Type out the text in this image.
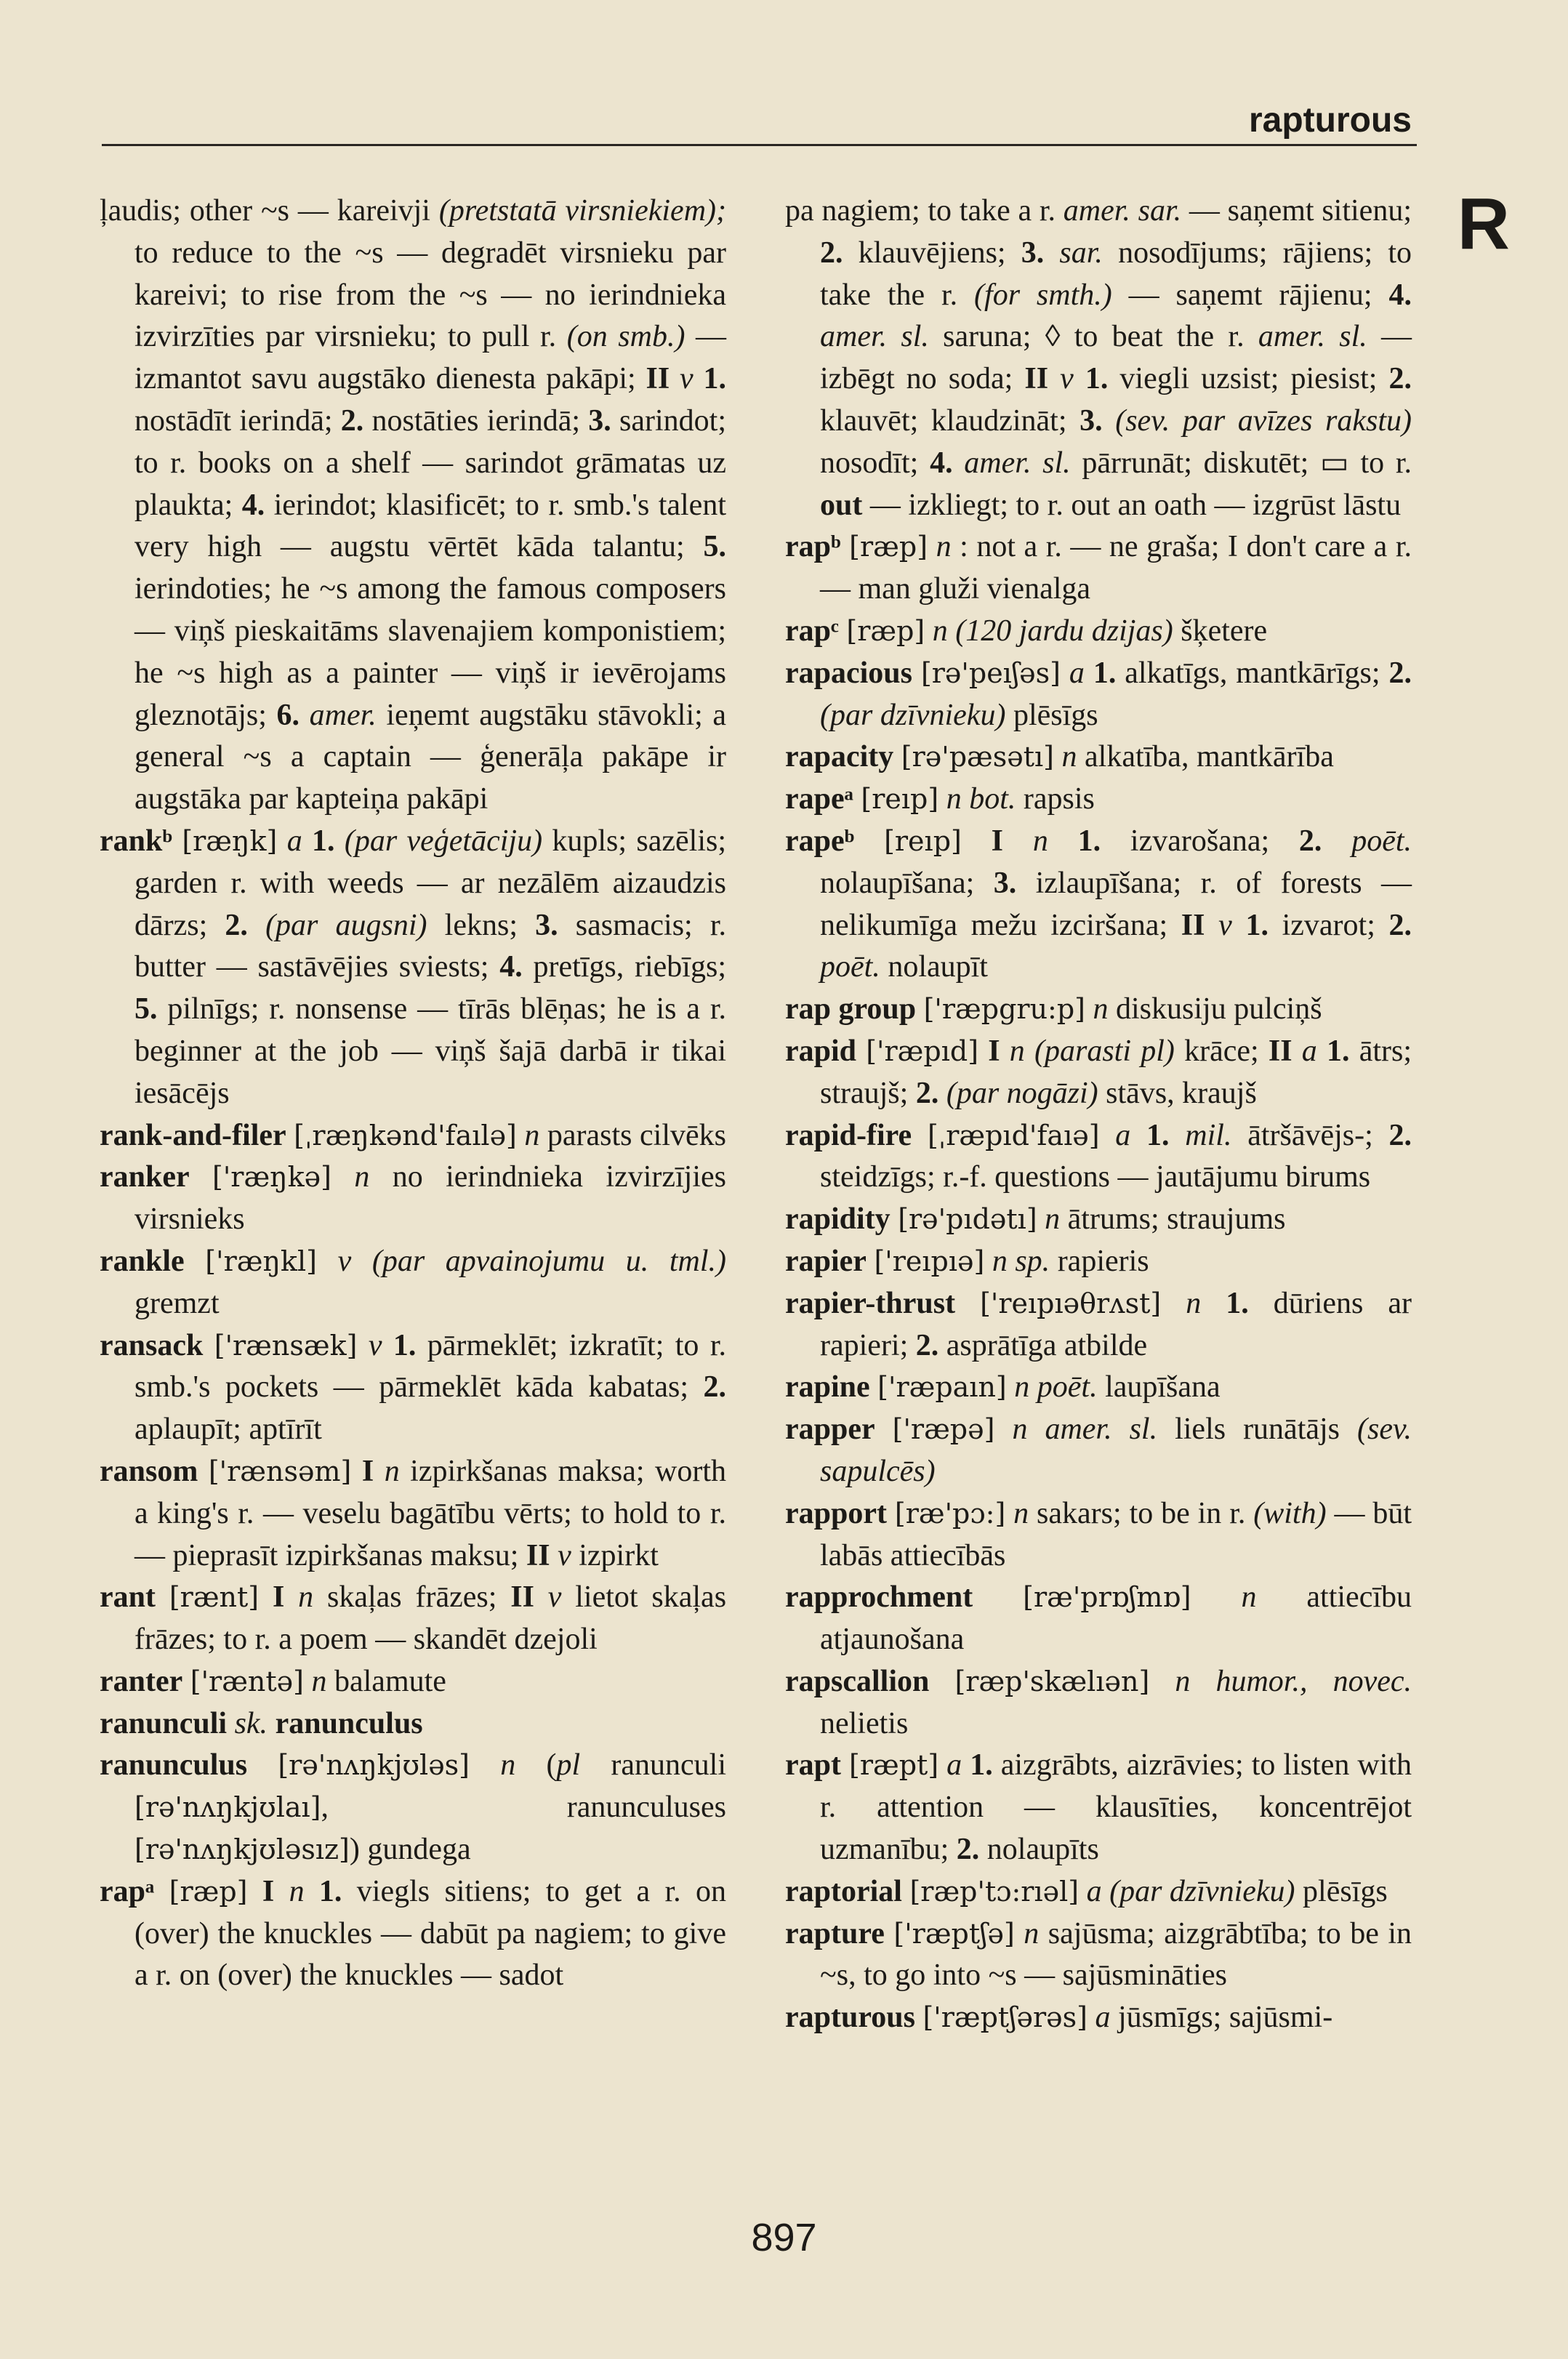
rapturous
R
ļaudis; other ~s — kareivji (pretstatā virsniekiem); to reduce to the ~s — degradēt virsnieku par kareivi; to rise from the ~s — no ierindnieka izvirzīties par virsnieku; to pull r. (on smb.) — izmantot savu augstāko dienesta pakāpi; II v 1. nostādīt ierindā; 2. nostāties ierindā; 3. sarindot; to r. books on a shelf — sarindot grāmatas uz plaukta; 4. ierindot; klasificēt; to r. smb.'s talent very high — augstu vērtēt kāda talantu; 5. ierindoties; he ~s among the famous composers — viņš pieskaitāms slavenajiem komponistiem; he ~s high as a painter — viņš ir ievērojams gleznotājs; 6. amer. ieņemt augstāku stāvokli; a general ~s a captain — ģenerāļa pakāpe ir augstāka par kapteiņa pakāpi
rankᵇ [ræŋk] a 1. (par veģetāciju) kupls; sazēlis; garden r. with weeds — ar nezālēm aizaudzis dārzs; 2. (par augsni) lekns; 3. sasmacis; r. butter — sastāvējies sviests; 4. pretīgs, riebīgs; 5. pilnīgs; r. nonsense — tīrās blēņas; he is a r. beginner at the job — viņš šajā darbā ir tikai iesācējs
rank-and-filer [ˌræŋkənd'faılə] n parasts cilvēks
ranker ['ræŋkə] n no ierindnieka izvirzījies virsnieks
rankle ['ræŋkl] v (par apvainojumu u. tml.) gremzt
ransack ['rænsæk] v 1. pārmeklēt; izkratīt; to r. smb.'s pockets — pārmeklēt kāda kabatas; 2. aplaupīt; aptīrīt
ransom ['rænsəm] I n izpirkšanas maksa; worth a king's r. — veselu bagātību vērts; to hold to r. — pieprasīt izpirkšanas maksu; II v izpirkt
rant [rænt] I n skaļas frāzes; II v lietot skaļas frāzes; to r. a poem — skandēt dzejoli
ranter ['ræntə] n balamute
ranunculi sk. ranunculus
ranunculus [rə'nʌŋkjʊləs] n (pl ranunculi [rə'nʌŋkjʊlaı], ranunculuses [rə'nʌŋkjʊləsız]) gundega
rapᵃ [ræp] I n 1. viegls sitiens; to get a r. on (over) the knuckles — dabūt pa nagiem; to give a r. on (over) the knuckles — sadot
pa nagiem; to take a r. amer. sar. — saņemt sitienu; 2. klauvējiens; 3. sar. nosodījums; rājiens; to take the r. (for smth.) — saņemt rājienu; 4. amer. sl. saruna; ◊ to beat the r. amer. sl. — izbēgt no soda; II v 1. viegli uzsist; piesist; 2. klauvēt; klaudzināt; 3. (sev. par avīzes rakstu) nosodīt; 4. amer. sl. pārrunāt; diskutēt; ▭ to r. out — izkliegt; to r. out an oath — izgrūst lāstu
rapᵇ [ræp] n : not a r. — ne graša; I don't care a r. — man gluži vienalga
rapᶜ [ræp] n (120 jardu dzijas) šķetere
rapacious [rə'peıʃəs] a 1. alkatīgs, mantkārīgs; 2. (par dzīvnieku) plēsīgs
rapacity [rə'pæsətı] n alkatība, mantkārība
rapeᵃ [reıp] n bot. rapsis
rapeᵇ [reıp] I n 1. izvarošana; 2. poēt. nolaupīšana; 3. izlaupīšana; r. of forests — nelikumīga mežu izciršana; II v 1. izvarot; 2. poēt. nolaupīt
rap group ['ræpgru:p] n diskusiju pulciņš
rapid ['ræpıd] I n (parasti pl) krāce; II a 1. ātrs; straujš; 2. (par nogāzi) stāvs, kraujš
rapid-fire [ˌræpıd'faıə] a 1. mil. ātršāvējs-; 2. steidzīgs; r.-f. questions — jautājumu birums
rapidity [rə'pıdətı] n ātrums; straujums
rapier ['reıpıə] n sp. rapieris
rapier-thrust ['reıpıəθrʌst] n 1. dūriens ar rapieri; 2. asprātīga atbilde
rapine ['ræpaın] n poēt. laupīšana
rapper ['ræpə] n amer. sl. liels runātājs (sev. sapulcēs)
rapport [ræ'pɔ:] n sakars; to be in r. (with) — būt labās attiecībās
rapprochment [ræ'prɒʃmɒ] n attiecību atjaunošana
rapscallion [ræp'skælıən] n humor., novec. nelietis
rapt [ræpt] a 1. aizgrābts, aizrāvies; to listen with r. attention — klausīties, koncentrējot uzmanību; 2. nolaupīts
raptorial [ræp'tɔ:rıəl] a (par dzīvnieku) plēsīgs
rapture ['ræptʃə] n sajūsma; aizgrābtība; to be in ~s, to go into ~s — sajūsmināties
rapturous ['ræptʃərəs] a jūsmīgs; sajūsmi-
897
